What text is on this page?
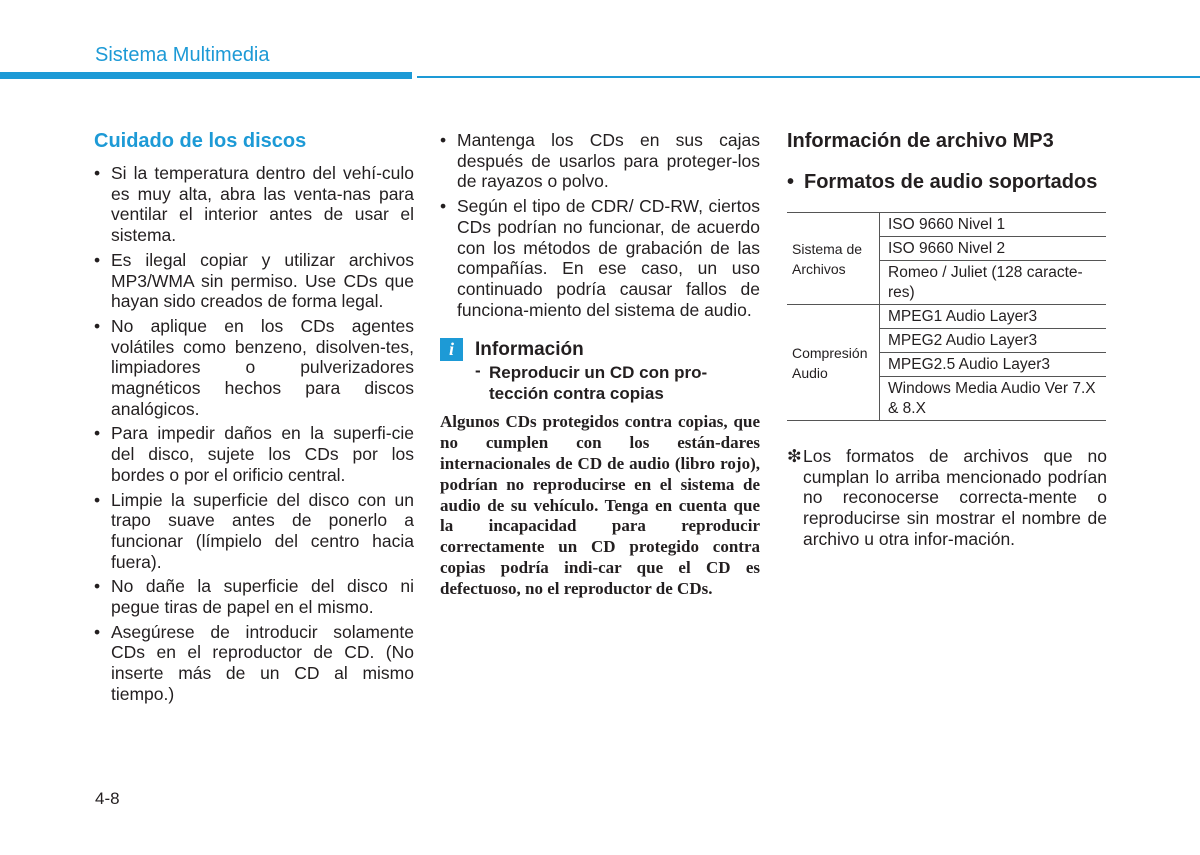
Sistema Multimedia
Cuidado de los discos
• Si la temperatura dentro del vehí-culo es muy alta, abra las venta-nas para ventilar el interior antes de usar el sistema.
• Es ilegal copiar y utilizar archivos MP3/WMA sin permiso. Use CDs que hayan sido creados de forma legal.
• No aplique en los CDs agentes volátiles como benzeno, disolven-tes, limpiadores o pulverizadores magnéticos hechos para discos analógicos.
• Para impedir daños en la superfi-cie del disco, sujete los CDs por los bordes o por el orificio central.
• Limpie la superficie del disco con un trapo suave antes de ponerlo a funcionar (límpielo del centro hacia fuera).
• No dañe la superficie del disco ni pegue tiras de papel en el mismo.
• Asegúrese de introducir solamente CDs en el reproductor de CD. (No inserte más de un CD al mismo tiempo.)
• Mantenga los CDs en sus cajas después de usarlos para proteger-los de rayazos o polvo.
• Según el tipo de CDR/ CD-RW, ciertos CDs podrían no funcionar, de acuerdo con los métodos de grabación de las compañías. En ese caso, un uso continuado podría causar fallos de funciona-miento del sistema de audio.
i	Información
- Reproducir un CD con pro-tección contra copias
Algunos CDs protegidos contra copias, que no cumplen con los están-dares internacionales de CD de audio (libro rojo), podrían no reproducirse en el sistema de audio de su vehículo. Tenga en cuenta que la incapacidad para reproducir correctamente un CD protegido contra copias podría indi-car que el CD es defectuoso, no el reproductor de CDs.
Información de archivo MP3
• Formatos de audio soportados
Sistema de Archivos	ISO 9660 Nivel 1
	ISO 9660 Nivel 2
	Romeo / Juliet (128 caracte-res)
Compresión Audio	MPEG1 Audio Layer3
	MPEG2 Audio Layer3
	MPEG2.5 Audio Layer3
	Windows Media Audio Ver 7.X & 8.X
❇ Los formatos de archivos que no cumplan lo arriba mencionado podrían no reconocerse correcta-mente o reproducirse sin mostrar el nombre de archivo u otra infor-mación.
4-8
